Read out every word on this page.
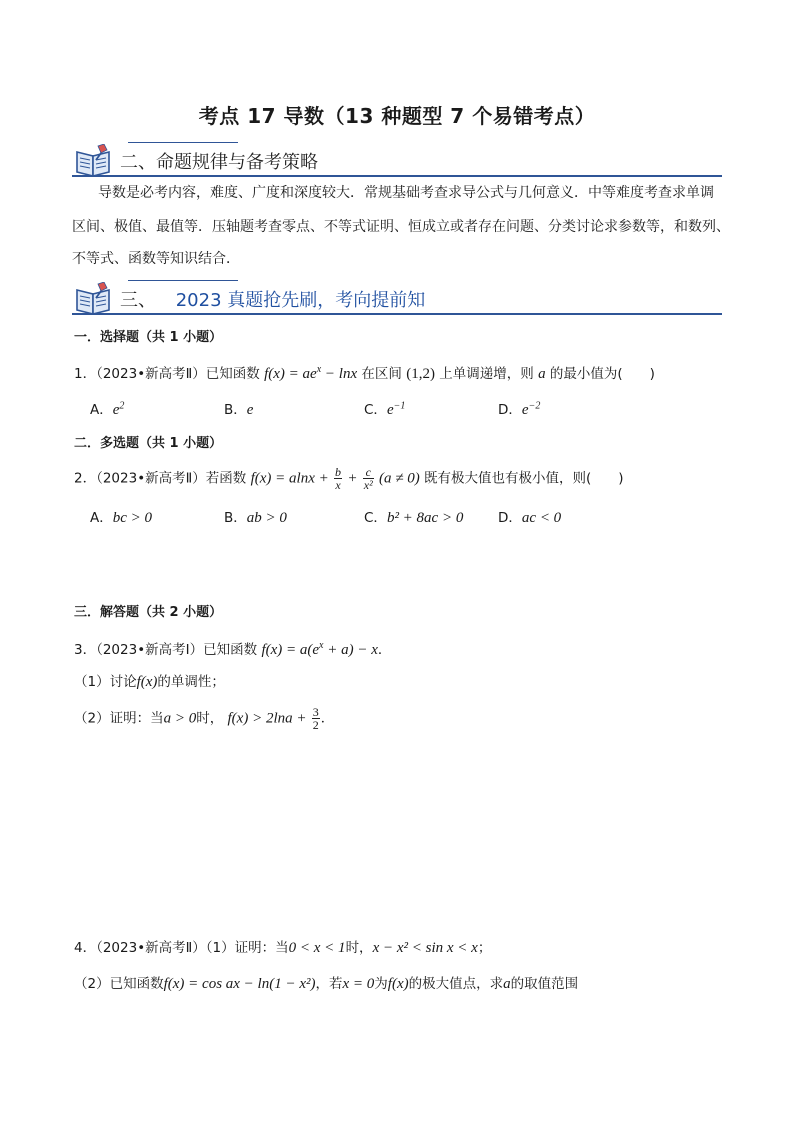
考点 17 导数（13 种题型 7 个易错考点）
二、命题规律与备考策略
导数是必考内容，难度、广度和深度较大．常规基础考查求导公式与几何意义．中等难度考查求单调
区间、极值、最值等．压轴题考查零点、不等式证明、恒成立或者存在问题、分类讨论求参数等，和数列、
不等式、函数等知识结合．
三、 2023 真题抢先刷，考向提前知
一．选择题（共 1 小题）
1．（2023•新高考Ⅱ）已知函数 $f(x) = ae^x - \ln x$ 在区间 (1,2) 上单调递增，则 a 的最小值为(　　)
A．$e^2$	B．e	C．$e^{-1}$	D．$e^{-2}$
二．多选题（共 1 小题）
2．（2023•新高考Ⅱ）若函数 $f(x) = alnx + \frac{b}{x} + \frac{c}{\text{x²}} (a \ne 0)$ 既有极大值也有极小值，则(　　)
A．bc > 0	B．ab > 0	C．b² + 8ac > 0	D．ac < 0
三．解答题（共 2 小题）
3．（2023•新高考Ⅰ）已知函数 $f(x) = a(e^x + a) - x$．
（1）讨论f(x)的单调性；
（2）证明：当a > 0时， $f(x) > 2\ln a + \frac{3}{2}$ ．
4．（2023•新高考Ⅱ）（1）证明：当0 < x < 1时，x − x² < sin x < x；
（2）已知函数f(x) = cos ax − ln(1 − x²)，若x = 0为f(x)的极大值点，求a的取值范围
